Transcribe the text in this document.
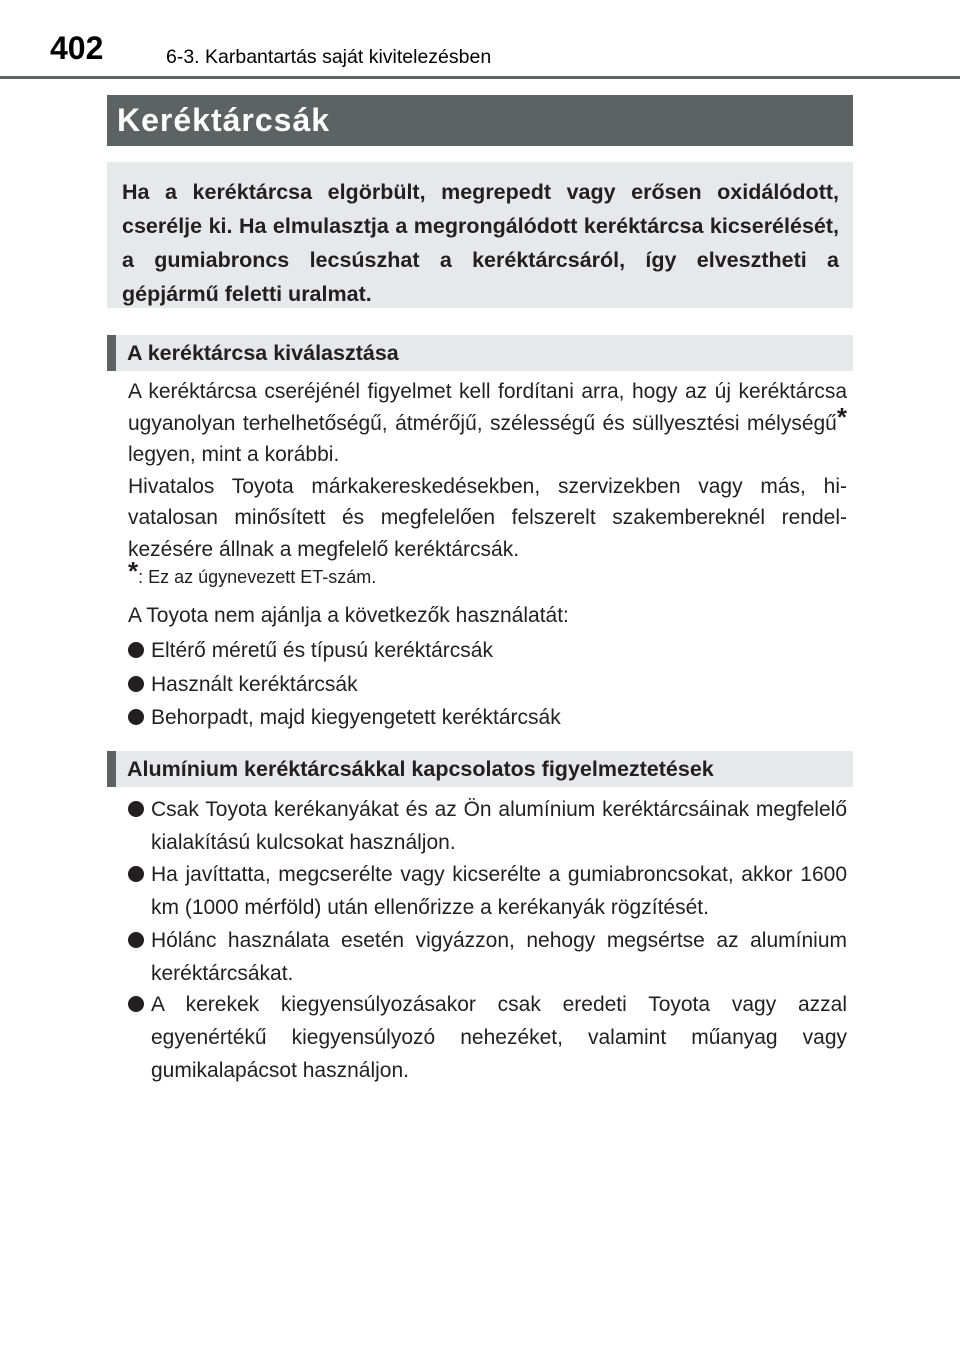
402	6-3. Karbantartás saját kivitelezésben
Keréktárcsák

Ha a keréktárcsa elgörbült, megrepedt vagy erősen oxidálódott, cserélje ki. Ha elmulasztja a megrongálódott keréktárcsa kicserélését, a gumiabroncs lecsúszhat a keréktárcsáról, így elvesztheti a gépjármű feletti uralmat.

A keréktárcsa kiválasztása

A keréktárcsa cseréjénél figyelmet kell fordítani arra, hogy az új keréktárcsa ugyanolyan terhelhetőségű, átmérőjű, szélességű és süllyesztési mélységű* legyen, mint a korábbi.

Hivatalos Toyota márkakereskedésekben, szervizekben vagy más, hivatalosan minősített és megfelelően felszerelt szakembereknél rendelkezésére állnak a megfelelő keréktárcsák.

*: Ez az úgynevezett ET-szám.
A Toyota nem ajánlja a következők használatát:
Eltérő méretű és típusú keréktárcsák
Használt keréktárcsák
Behorpadt, majd kiegyengetett keréktárcsák
Alumínium keréktárcsákkal kapcsolatos figyelmeztetések
Csak Toyota kerékanyákat és az Ön alumínium keréktárcsáinak megfelelő kialakítású kulcsokat használjon.
Ha javíttatta, megcserélte vagy kicserélte a gumiabroncsokat, akkor 1600 km (1000 mérföld) után ellenőrizze a kerékanyák rögzítését.
Hólánc használata esetén vigyázzon, nehogy megsértse az alumínium keréktárcsákat.
A kerekek kiegyensúlyozásakor csak eredeti Toyota vagy azzal egyenértékű kiegyensúlyozó nehezéket, valamint műanyag vagy gumikalapácsot használjon.
